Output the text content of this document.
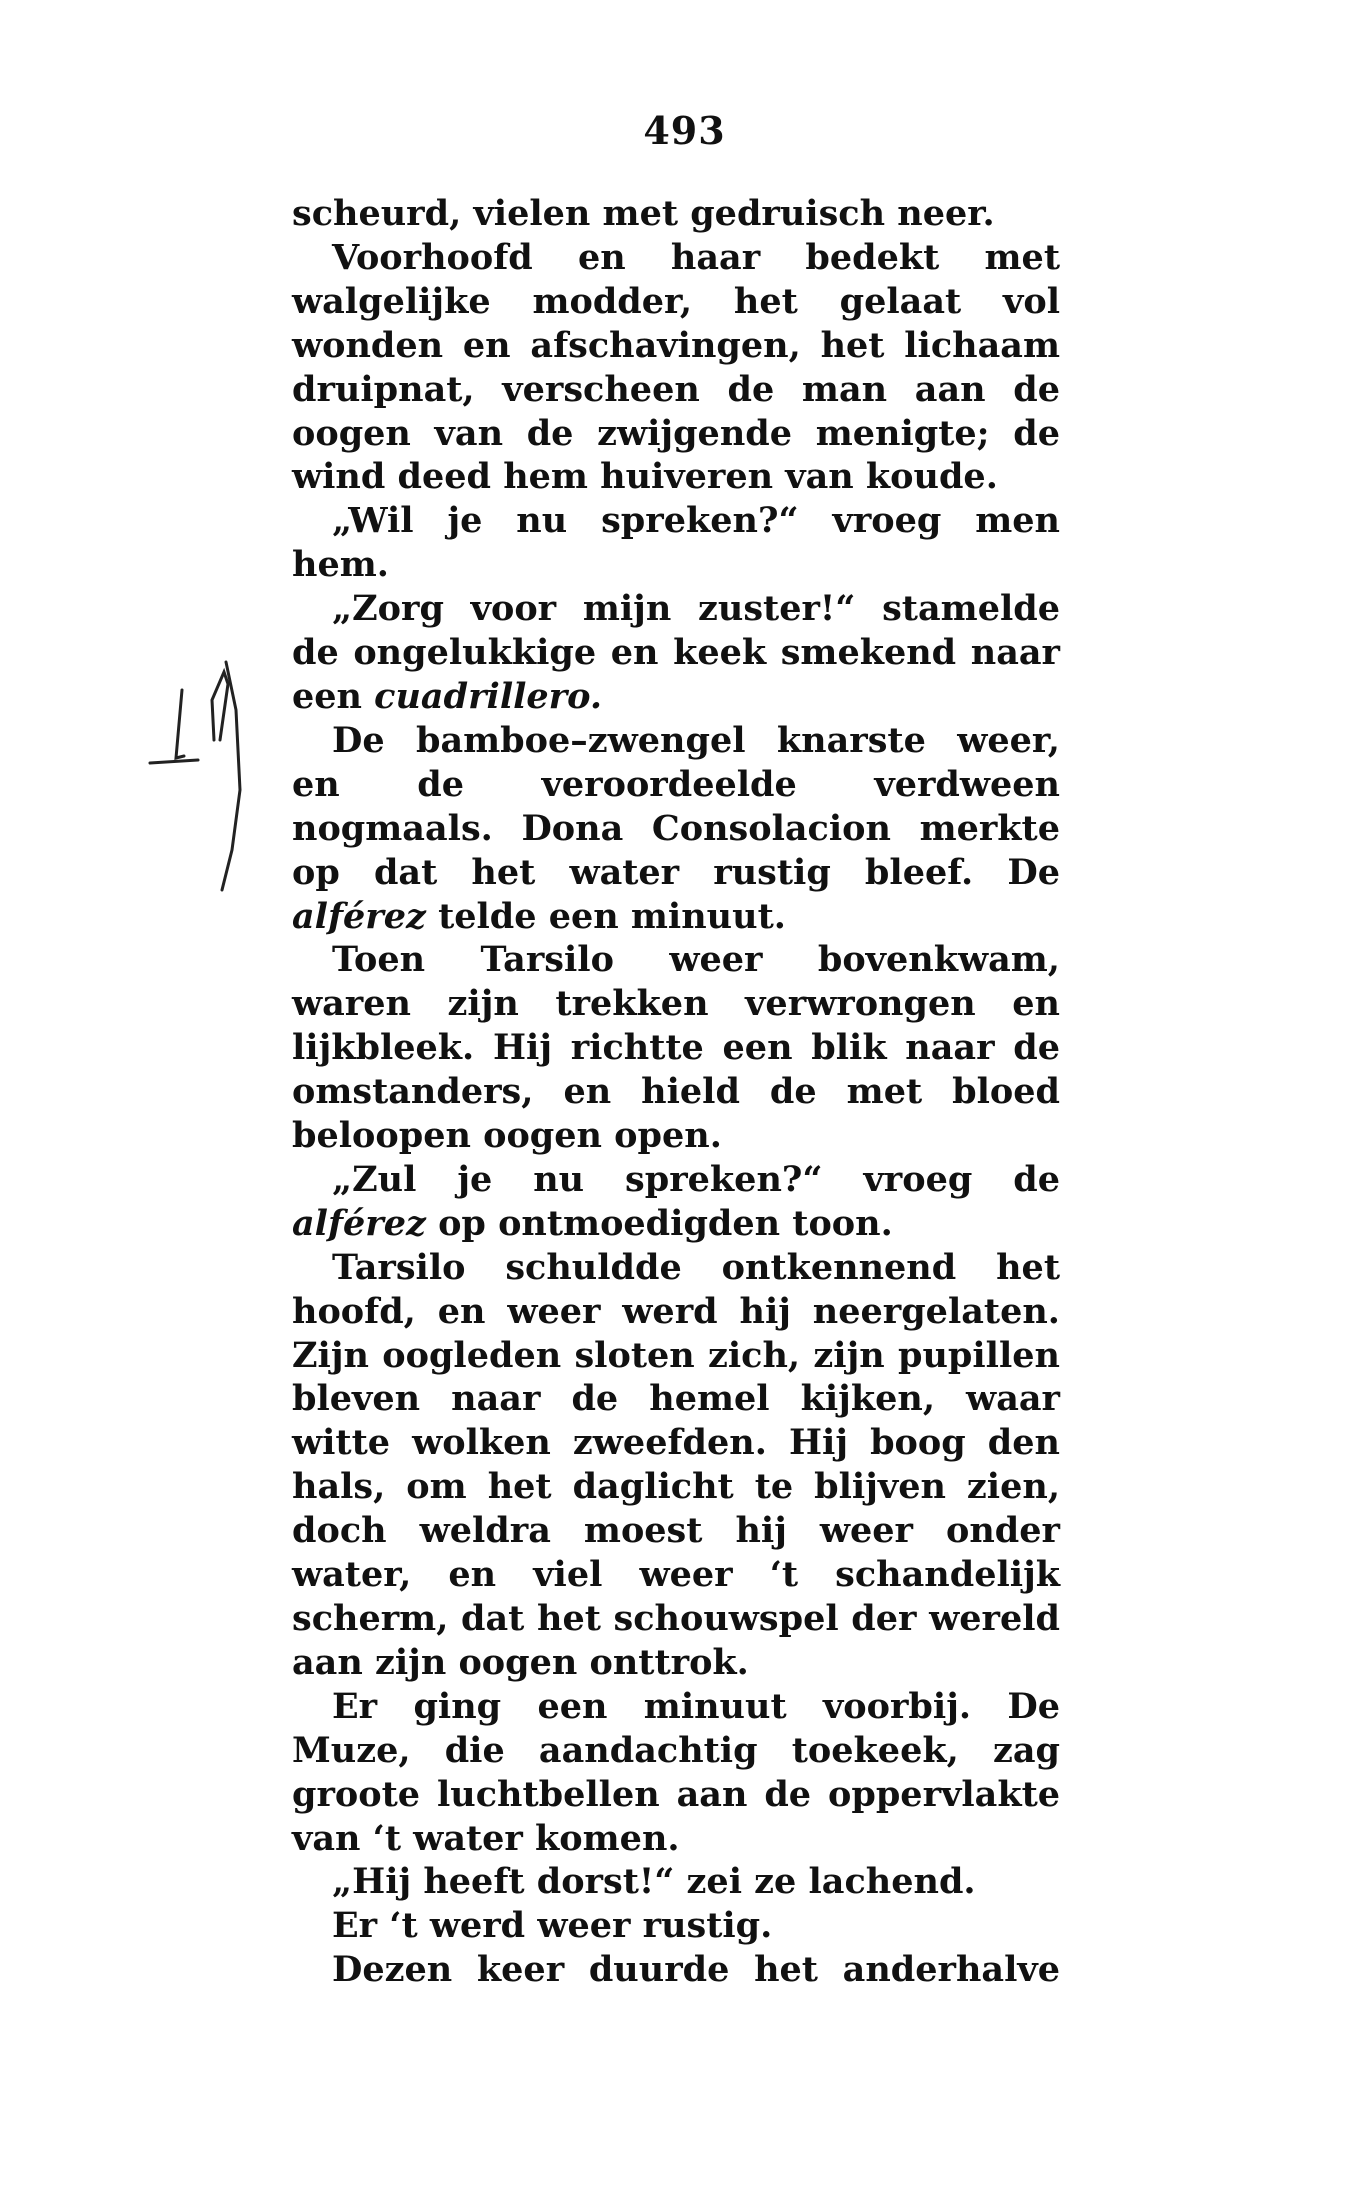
493

scheurd, vielen met gedruisch neer.

Voorhoofd en haar bedekt met walgelijke modder, het gelaat vol wonden en afschavingen, het lichaam druipnat, verscheen de man aan de oogen van de zwijgende menigte; de wind deed hem huiveren van koude.

„Wil je nu spreken?“ vroeg men hem.

„Zorg voor mijn zuster!“ stamelde de ongelukkige en keek smekend naar een cuadrillero.

De bamboe–zwengel knarste weer, en de veroordeelde verdween nogmaals. Dona Consolacion merkte op dat het water rustig bleef. De alférez telde een minuut.

Toen Tarsilo weer bovenkwam, waren zijn trekken verwrongen en lijkbleek. Hij richtte een blik naar de omstanders, en hield de met bloed beloopen oogen open.

„Zul je nu spreken?“ vroeg de alférez op ontmoedigden toon.

Tarsilo schuldde ontkennend het hoofd, en weer werd hij neergelaten. Zijn oogleden sloten zich, zijn pupillen bleven naar de hemel kijken, waar witte wolken zweefden. Hij boog den hals, om het daglicht te blijven zien, doch weldra moest hij weer onder water, en viel weer ‘t schandelijk scherm, dat het schouwspel der wereld aan zijn oogen onttrok.

Er ging een minuut voorbij. De Muze, die aandachtig toekeek, zag groote luchtbellen aan de oppervlakte van ‘t water komen.

„Hij heeft dorst!“ zei ze lachend.

Er ‘t werd weer rustig.

Dezen keer duurde het anderhalve
